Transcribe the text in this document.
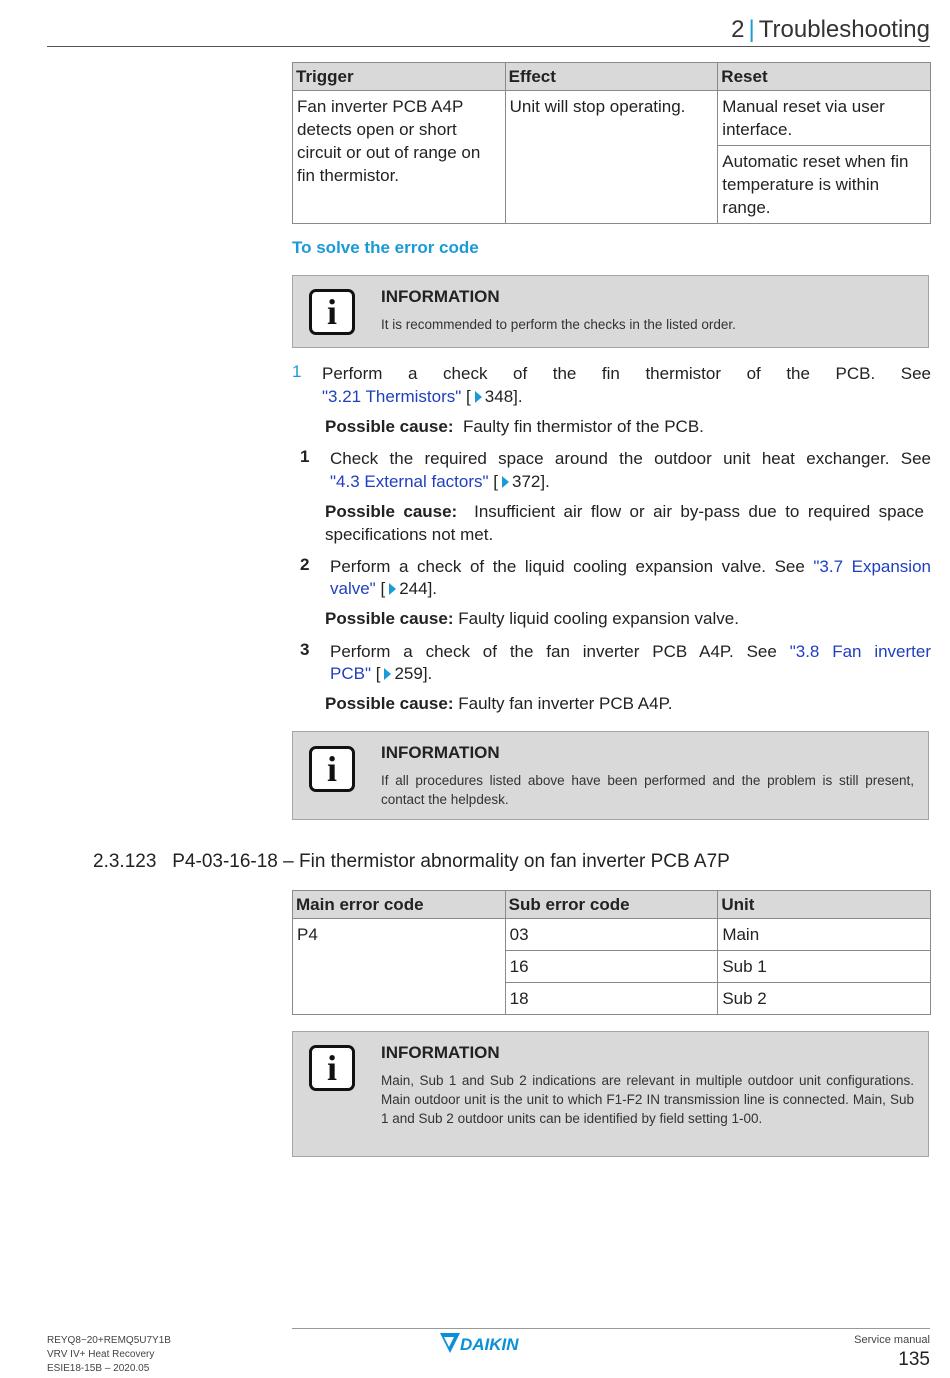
2 | Troubleshooting
Trigger	Effect	Reset
Fan inverter PCB A4P detects open or short circuit or out of range on fin thermistor.	Unit will stop operating.	Manual reset via user interface.
		Automatic reset when fin temperature is within range.
To solve the error code
i	INFORMATION
It is recommended to perform the checks in the listed order.
1 Perform a check of the fin thermistor of the PCB. See
"3.21 Thermistors" [ 348].
Possible cause: Faulty fin thermistor of the PCB.
1 Check the required space around the outdoor unit heat exchanger. See
"4.3 External factors" [ 372].
Possible cause: Insufficient air flow or air by-pass due to required space specifications not met.
2 Perform a check of the liquid cooling expansion valve. See "3.7 Expansion
valve" [ 244].
Possible cause: Faulty liquid cooling expansion valve.
3 Perform a check of the fan inverter PCB A4P. See "3.8 Fan inverter
PCB" [ 259].
Possible cause: Faulty fan inverter PCB A4P.
i	INFORMATION
If all procedures listed above have been performed and the problem is still present, contact the helpdesk.
2.3.123 P4-03-16-18 – Fin thermistor abnormality on fan inverter PCB A7P
Main error code	Sub error code	Unit
P4	03	Main
	16	Sub 1
	18	Sub 2
i	INFORMATION
Main, Sub 1 and Sub 2 indications are relevant in multiple outdoor unit configurations. Main outdoor unit is the unit to which F1-F2 IN transmission line is connected. Main, Sub 1 and Sub 2 outdoor units can be identified by field setting 1-00.
REYQ8~20+REMQ5U7Y1B
VRV IV+ Heat Recovery
ESIE18-15B – 2020.05
DAIKIN	Service manual
135
